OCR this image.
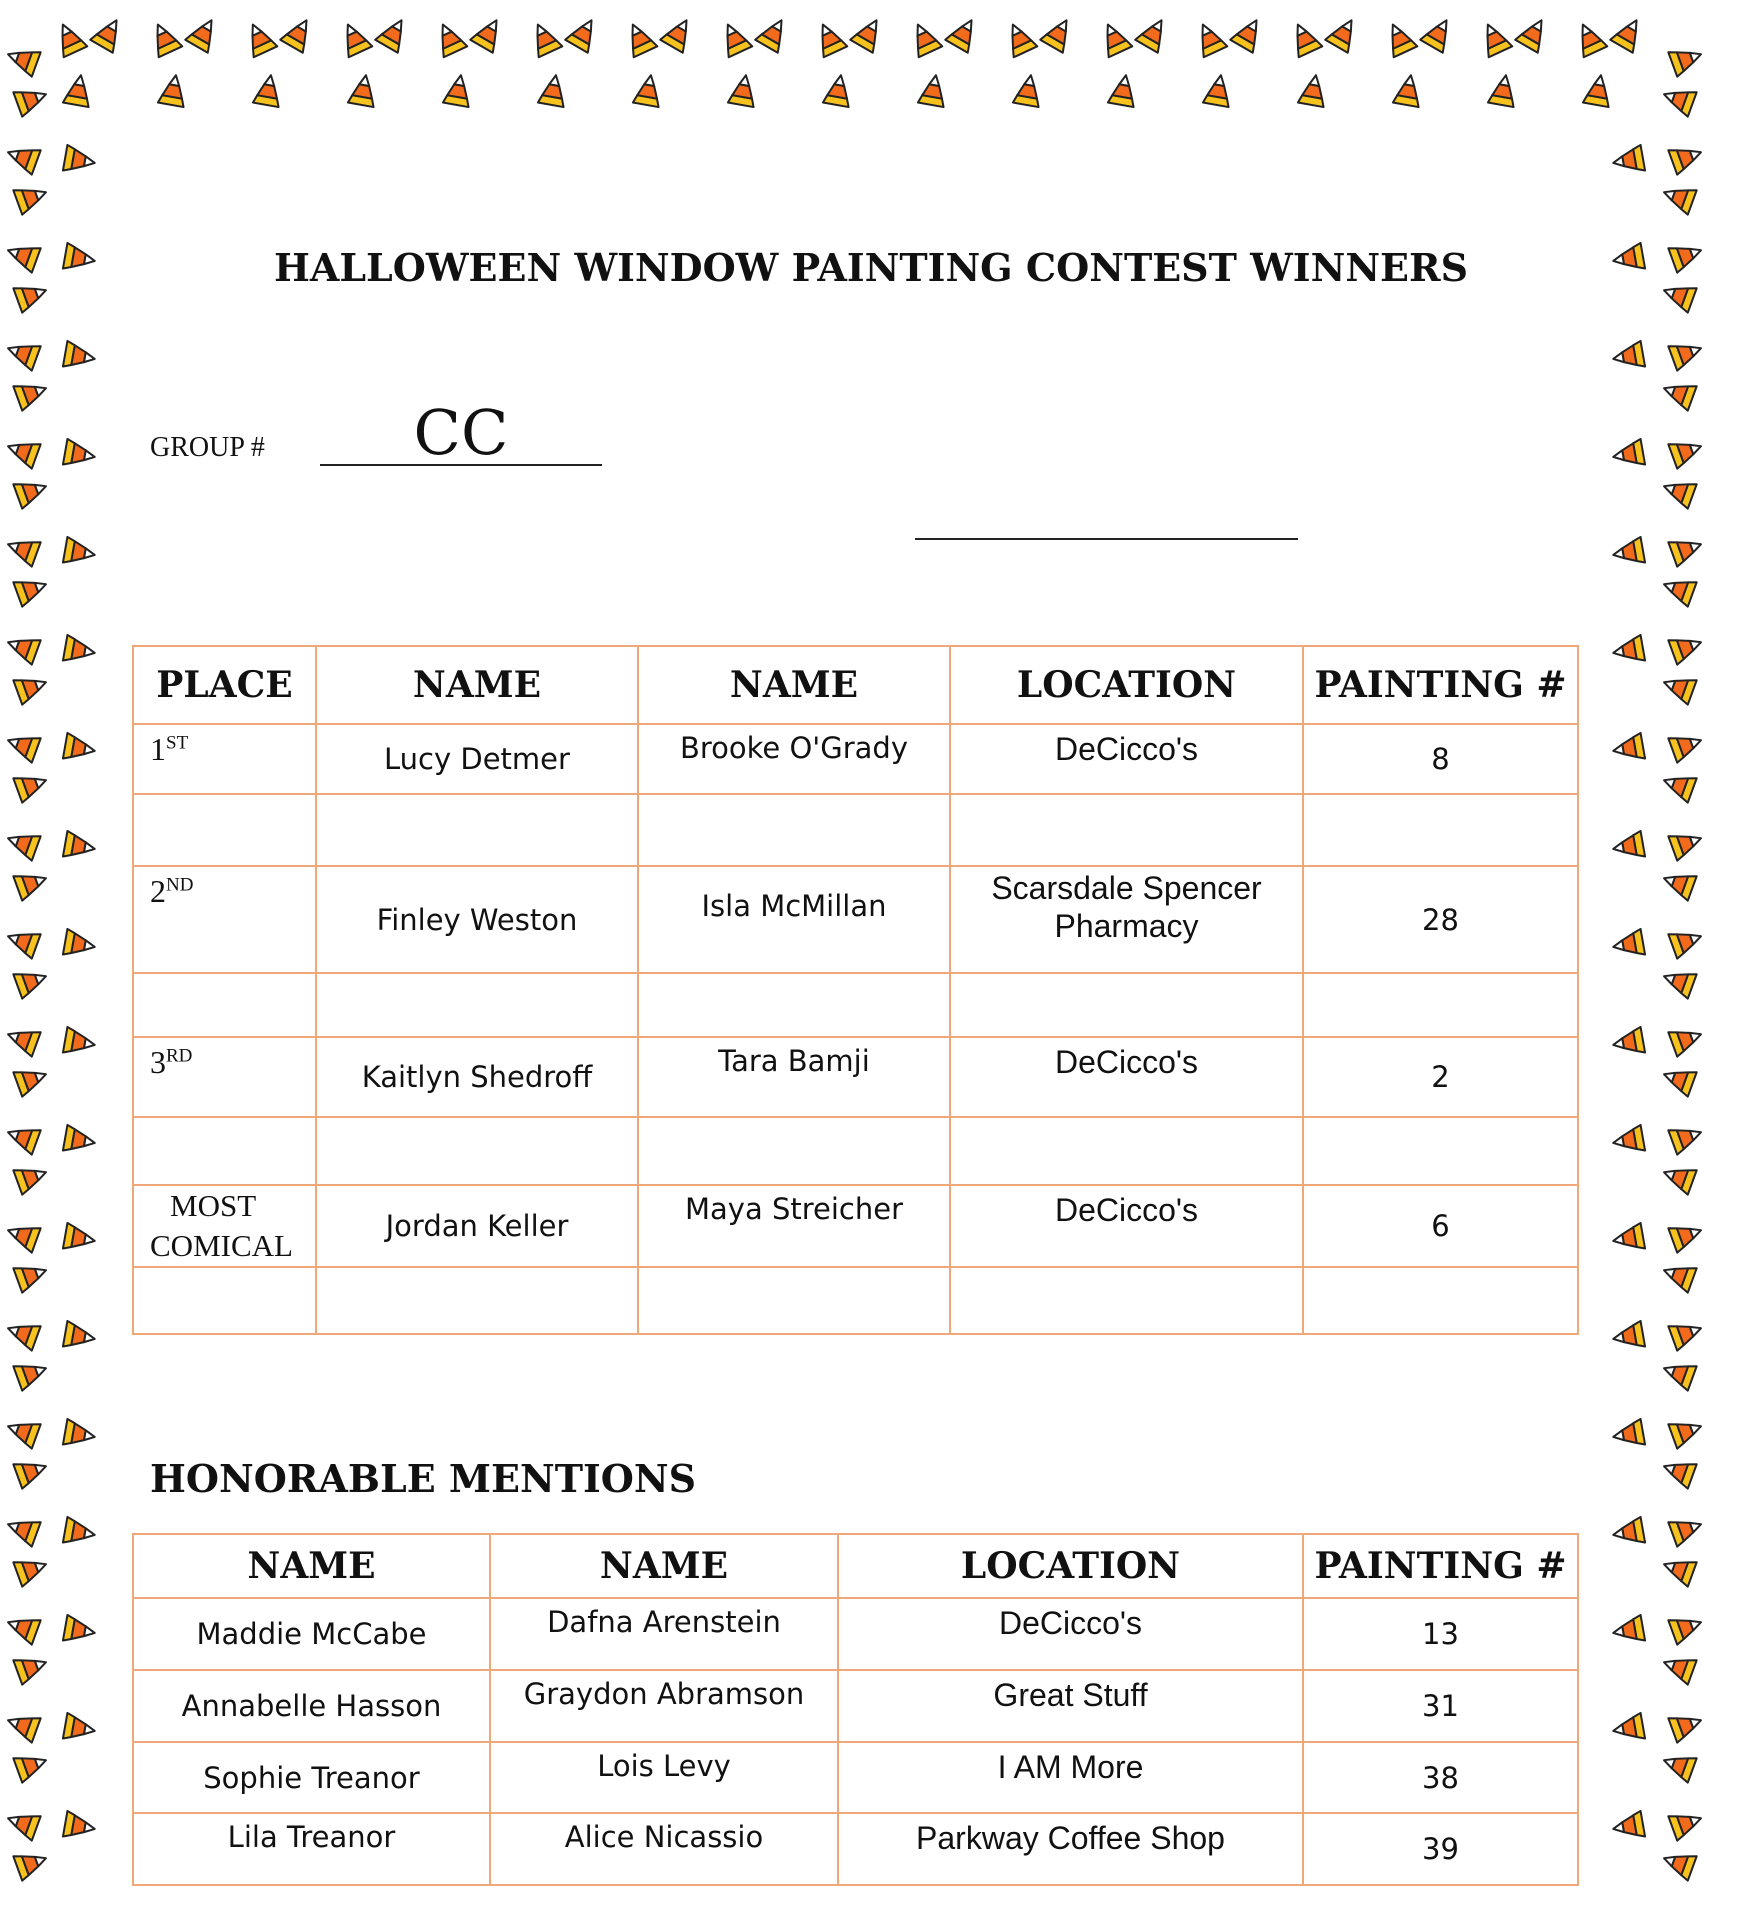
HALLOWEEN WINDOW PAINTING CONTEST WINNERS
GROUP #	CC
PLACE	NAME	NAME	LOCATION	PAINTING #
1ST	Lucy Detmer	Brooke O'Grady	DeCicco's	8

2ND	Finley Weston	Isla McMillan	Scarsdale Spencer Pharmacy	28

3RD	Kaitlyn Shedroff	Tara Bamji	DeCicco's	2

MOST
COMICAL	Jordan Keller	Maya Streicher	DeCicco's	6

HONORABLE MENTIONS
NAME	NAME	LOCATION	PAINTING #
Maddie McCabe	Dafna Arenstein	DeCicco's	13
Annabelle Hasson	Graydon Abramson	Great Stuff	31
Sophie Treanor	Lois Levy	I AM More	38
Lila Treanor	Alice Nicassio	Parkway Coffee Shop	39
